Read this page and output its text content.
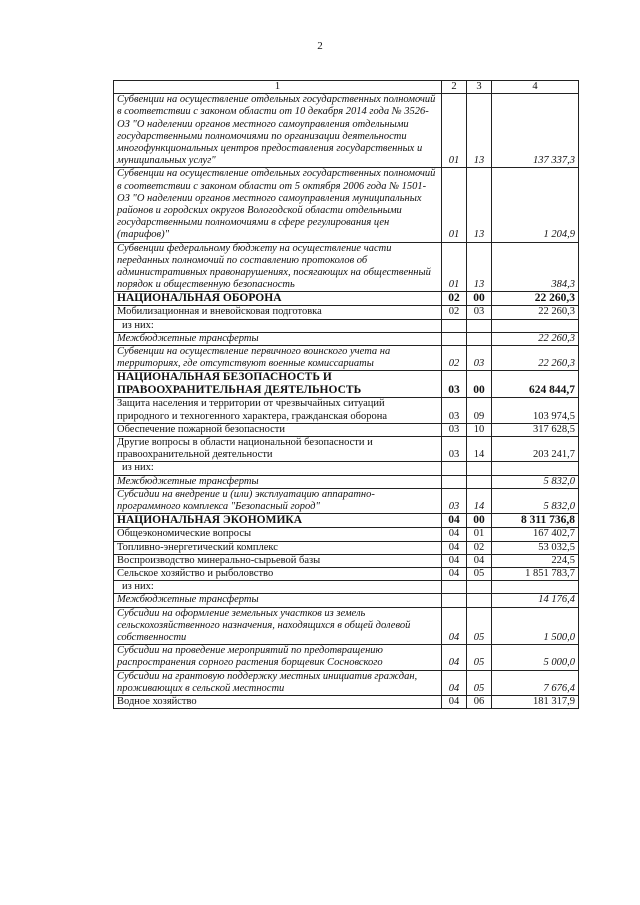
2
1	2	3	4
Субвенции на осуществление отдельных государственных полномочий в соответствии с законом области от 10 декабря 2014 года № 3526-ОЗ "О наделении органов местного самоуправления отдельными государственными полномочиями по организации деятельности многофункциональных центров предоставления государственных и муниципальных услуг"	01	13	137 337,3
Субвенции на осуществление отдельных государственных полномочий в соответствии с законом области от 5 октября 2006 года № 1501-ОЗ "О наделении органов местного самоуправления муниципальных районов и городских округов Вологодской области отдельными государственными полномочиями в сфере регулирования цен (тарифов)"	01	13	1 204,9
Субвенции федеральному бюджету на осуществление части переданных полномочий по составлению протоколов об административных правонарушениях, посягающих на общественный порядок и общественную безопасность	01	13	384,3
НАЦИОНАЛЬНАЯ ОБОРОНА	02	00	22 260,3
Мобилизационная и вневойсковая подготовка	02	03	22 260,3
из них:			
Межбюджетные трансферты			22 260,3
Субвенции на осуществление первичного воинского учета на территориях, где отсутствуют военные комиссариаты	02	03	22 260,3
НАЦИОНАЛЬНАЯ БЕЗОПАСНОСТЬ И ПРАВООХРАНИТЕЛЬНАЯ ДЕЯТЕЛЬНОСТЬ	03	00	624 844,7
Защита населения и территории от чрезвычайных ситуаций природного и техногенного характера, гражданская оборона	03	09	103 974,5
Обеспечение пожарной безопасности	03	10	317 628,5
Другие вопросы в области национальной безопасности и правоохранительной деятельности	03	14	203 241,7
из них:			
Межбюджетные трансферты			5 832,0
Субсидии на внедрение и (или) эксплуатацию аппаратно-программного комплекса "Безопасный город"	03	14	5 832,0
НАЦИОНАЛЬНАЯ ЭКОНОМИКА	04	00	8 311 736,8
Общеэкономические вопросы	04	01	167 402,7
Топливно-энергетический комплекс	04	02	53 032,5
Воспроизводство минерально-сырьевой базы	04	04	224,5
Сельское хозяйство и рыболовство	04	05	1 851 783,7
из них:			
Межбюджетные трансферты			14 176,4
Субсидии на оформление земельных участков из земель сельскохозяйственного назначения, находящихся в общей долевой собственности	04	05	1 500,0
Субсидии на проведение мероприятий по предотвращению распространения сорного растения борщевик Сосновского	04	05	5 000,0
Субсидии на грантовую поддержку местных инициатив граждан, проживающих в сельской местности	04	05	7 676,4
Водное хозяйство	04	06	181 317,9
